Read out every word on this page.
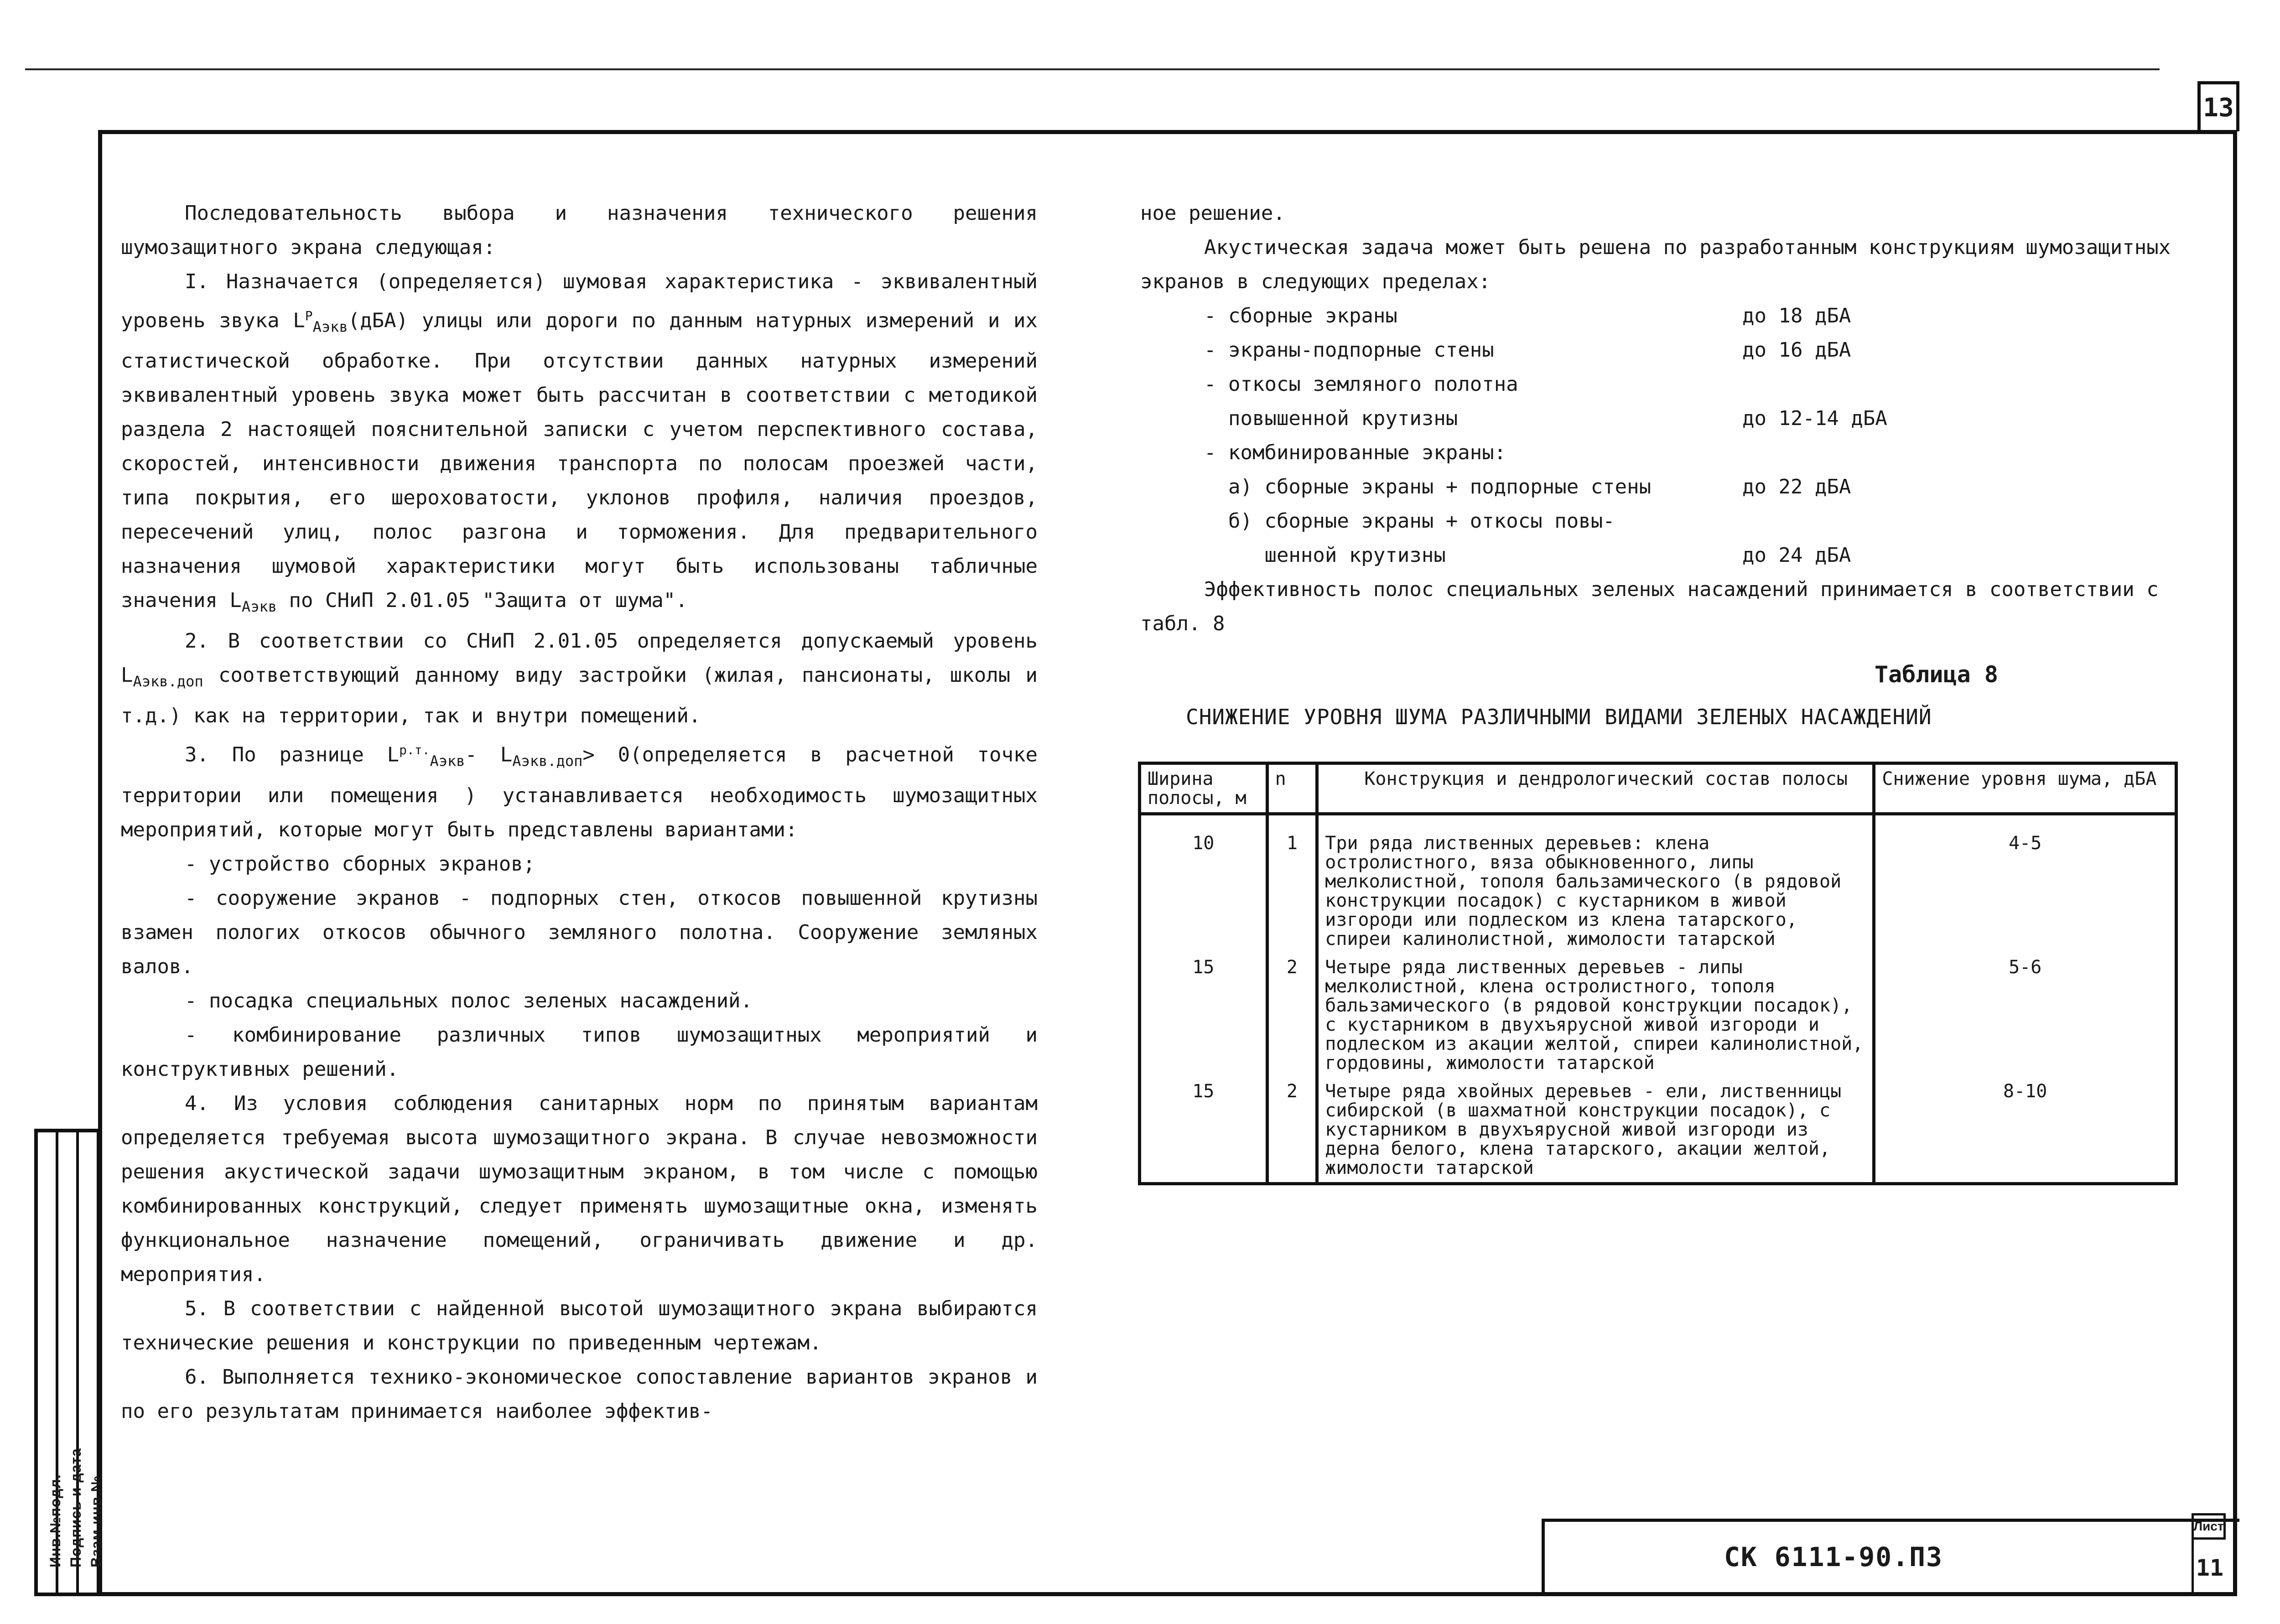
13
Инв.№подл. Подпись и дата Взам.инв.№

Последовательность выбора и назначения технического решения шумозащитного экрана следующая:

І. Назначается (определяется) шумовая характеристика - эквивалентный уровень звука $L^Р_{Аэкв}(дБА)$ улицы или дороги по данным натурных измерений и их статистической обработке. При отсутствии данных натурных измерений эквивалентный уровень звука может быть рассчитан в соответствии с методикой раздела 2 настоящей пояснительной записки с учетом перспективного состава, скоростей, интенсивности движения транспорта по полосам проезжей части, типа покрытия, его шероховатости, уклонов профиля, наличия проездов, пересечений улиц, полос разгона и торможения. Для предварительного назначения шумовой характеристики могут быть использованы табличные значения $L_{Аэкв}$ по СНиП 2.01.05 "Защита от шума".

2. В соответствии со СНиП 2.01.05 определяется допускаемый уровень $L_{Аэкв.доп}$ соответствующий данному виду застройки (жилая, пансионаты, школы и т.д.) как на территории, так и внутри помещений.

3. По разнице $L^{р.т.}_{Аэкв}-$ $L_{Аэкв.доп}>$ 0(определяется в расчетной точке территории или помещения ) устанавливается необходимость шумозащитных мероприятий, которые могут быть представлены вариантами:

- устройство сборных экранов;

- сооружение экранов - подпорных стен, откосов повышенной крутизны взамен пологих откосов обычного земляного полотна. Сооружение земляных валов.

- посадка специальных полос зеленых насаждений.

- комбинирование различных типов шумозащитных мероприятий и конструктивных решений.

4. Из условия соблюдения санитарных норм по принятым вариантам определяется требуемая высота шумозащитного экрана. В случае невозможности решения акустической задачи шумозащитным экраном, в том числе с помощью комбинированных конструкций, следует применять шумозащитные окна, изменять функциональное назначение помещений, ограничивать движение и др. мероприятия.

5. В соответствии с найденной высотой шумозащитного экрана выбираются технические решения и конструкции по приведенным чертежам.

6. Выполняется технико-экономическое сопоставление вариантов экранов и по его результатам принимается наиболее эффектив-

ное решение.

Акустическая задача может быть решена по разработанным конструкциям шумозащитных экранов в следующих пределах:

- сборные экраны	до 18 дБА
- экраны-подпорные стены	до 16 дБА
- откосы земляного полотна
повышенной крутизны	до 12-14 дБА
- комбинированные экраны:
а) сборные экраны + подпорные стены	до 22 дБА
б) сборные экраны + откосы повы-
шенной крутизны	до 24 дБА

Эффективность полос специальных зеленых насаждений принимается в соответствии с табл. 8

Таблица 8
СНИЖЕНИЕ УРОВНЯ ШУМА РАЗЛИЧНЫМИ ВИДАМИ ЗЕЛЕНЫХ НАСАЖДЕНИЙ
Ширина полосы, м	n	Конструкция и дендрологический состав полосы	Снижение уровня шума, дБА
10	1	Три ряда лиственных деревьев: клена остролистного, вяза обыкновенного, липы мелколистной, тополя бальзамического (в рядовой конструкции посадок) с кустарником в живой изгороди или подлеском из клена татарского, спиреи калинолистной, жимолости татарской	4-5
15	2	Четыре ряда лиственных деревьев - липы мелколистной, клена остролистного, тополя бальзамического (в рядовой конструкции посадок), с кустарником в двухъярусной живой изгороди и подлеском из акации желтой, спиреи калинолистной, гордовины, жимолости татарской	5-6
15	2	Четыре ряда хвойных деревьев - ели, лиственницы сибирской (в шахматной конструкции посадок), с кустарником в двухъярусной живой изгороди из дерна белого, клена татарского, акации желтой, жимолости татарской	8-10
СК 6111-90.ПЗ
Лист
11
